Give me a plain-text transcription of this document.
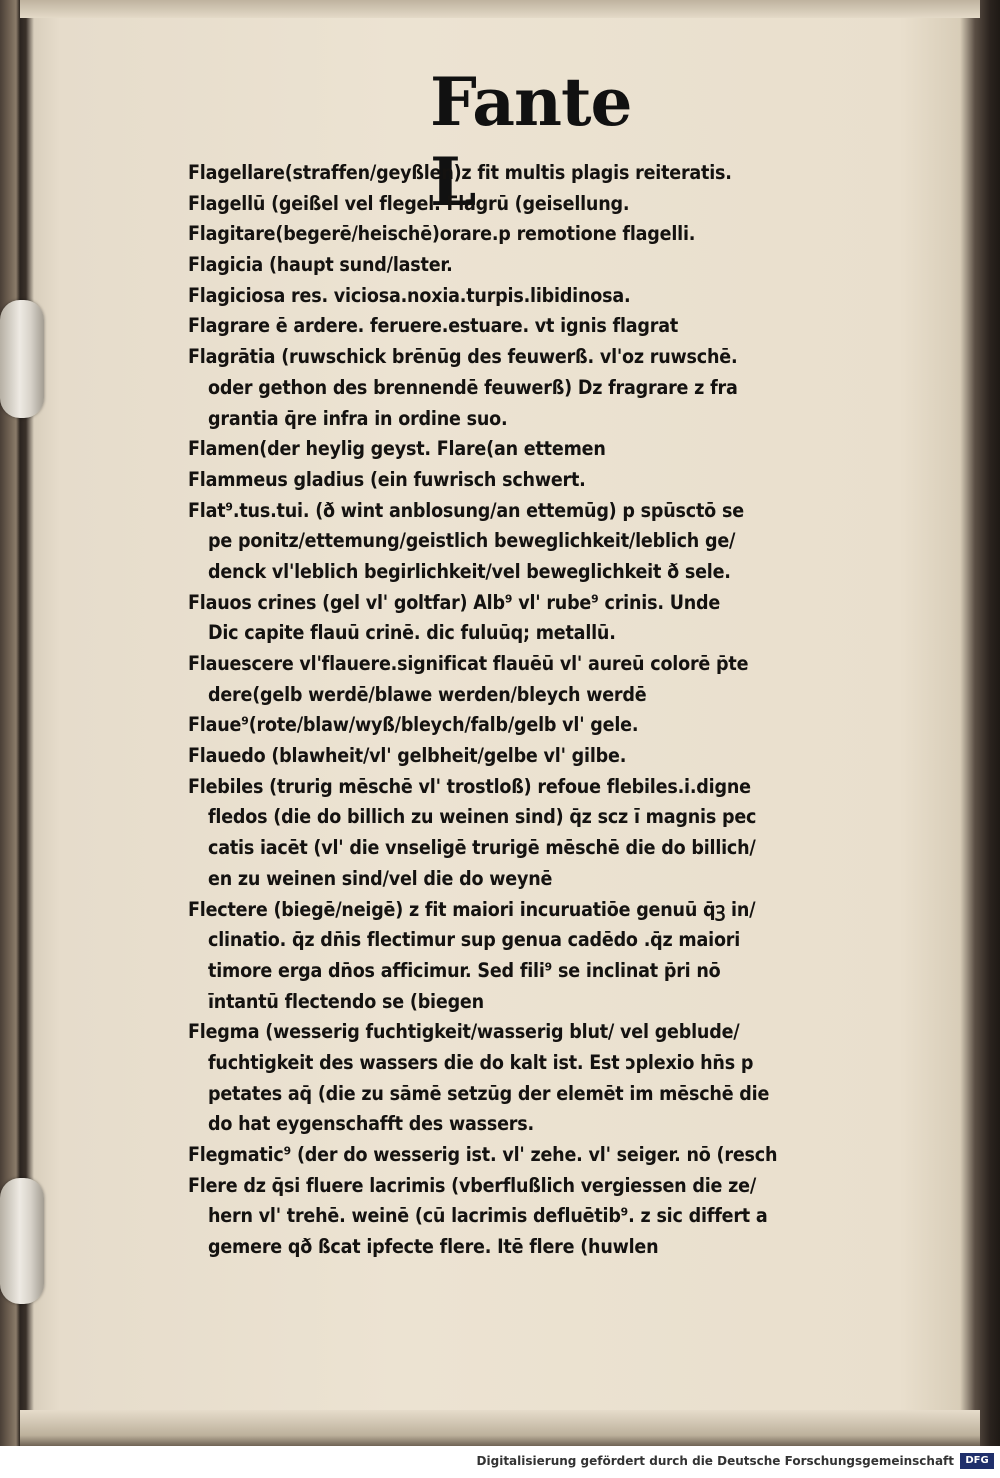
Fante L
Flagellare(straffen/geyßlen)z fit multis plagis reiteratis.
Flagellū (geißel vel flegel. Flagrū (geisellung.
Flagitare(begerē/heischē)orare.p remotione flagelli.
Flagicia (haupt sund/laster.
Flagiciosa res. viciosa.noxia.turpis.libidinosa.
Flagrare ē ardere. feruere.estuare. vt ignis flagrat
Flagrātia (ruwschick brēnūg des feuwerß. vl'oz ruwschē.
oder gethon des brennendē feuwerß) Dz fragrare z fra
grantia q̄re infra in ordine suo.
Flamen(der heylig geyst. Flare(an ettemen
Flammeus gladius (ein fuwrisch schwert.
Flat⁹.tus.tui. (ð wint anblosung/an ettemūg) p spūsctō se
pe ponitz/ettemung/geistlich beweglichkeit/leblich ge/
denck vl'leblich begirlichkeit/vel beweglichkeit ð sele.
Flauos crines (gel vl' goltfar) Alb⁹ vl' rube⁹ crinis. Unde
Dic capite flauū crinē. dic fuluūq; metallū.
Flauescere vl'flauere.significat flauēū vl' aureū colorē p̄te
dere(gelb werdē/blawe werden/bleych werdē
Flaue⁹(rote/blaw/wyß/bleych/falb/gelb vl' gele.
Flauedo (blawheit/vl' gelbheit/gelbe vl' gilbe.
Flebiles (trurig mēschē vl' trostloß) refoue flebiles.i.digne
fledos (die do billich zu weinen sind) q̄z scz ī magnis pec
catis iacēt (vl' die vnseligē trurigē mēschē die do billich/
en zu weinen sind/vel die do weynē
Flectere (biegē/neigē) z fit maiori incuruatiōe genuū q̄ꝫ in/
clinatio. q̄z dn̄is flectimur sup genua cadēdo .q̄z maiori
timore erga dn̄os afficimur. Sed fili⁹ se inclinat p̄ri nō
īntantū flectendo se (biegen
Flegma (wesserig fuchtigkeit/wasserig blut/ vel geblude/
fuchtigkeit des wassers die do kalt ist. Est ɔplexio hn̄s p
petates aq̄ (die zu sāmē setzūg der elemēt im mēschē die
do hat eygenschafft des wassers.
Flegmatic⁹ (der do wesserig ist. vl' zehe. vl' seiger. nō (resch
Flere dz q̄si fluere lacrimis (vberflußlich vergiessen die ze/
hern vl' trehē. weinē (cū lacrimis defluētib⁹. z sic differt a
gemere qð ßcat ipfecte flere. Itē flere (huwlen
Digitalisierung gefördert durch die Deutsche Forschungsgemeinschaft	DFG
